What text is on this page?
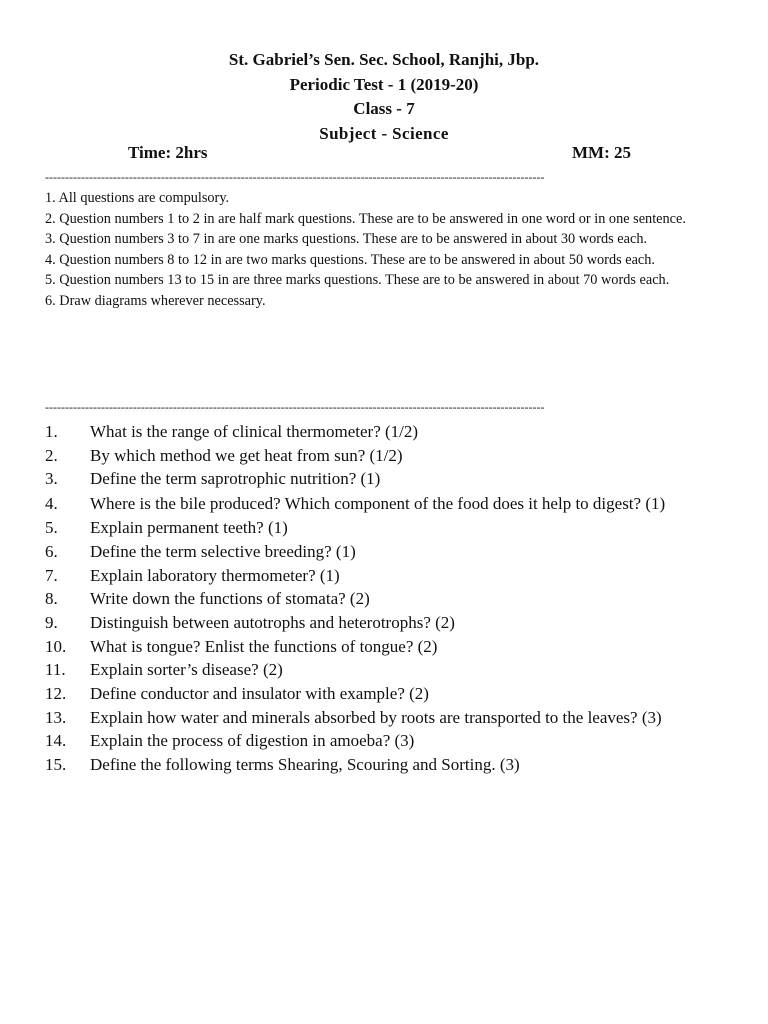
St. Gabriel’s Sen. Sec. School, Ranjhi, Jbp.
Periodic Test - 1 (2019-20)
Class - 7
Subject - Science
Time: 2hrs	MM: 25
-----------------------------------------------------------------------------------------------------------------------------
1. All questions are compulsory.
2. Question numbers 1 to 2 in are half mark questions. These are to be answered in one word or in one sentence.
3. Question numbers 3 to 7 in are one marks questions. These are to be answered in about 30 words each.
4. Question numbers 8 to 12 in are two marks questions. These are to be answered in about 50 words each.
5. Question numbers 13 to 15 in are three marks questions. These are to be answered in about 70 words each.
6. Draw diagrams wherever necessary.
-----------------------------------------------------------------------------------------------------------------------------
1. What is the range of clinical thermometer? (1/2)
2. By which method we get heat from sun? (1/2)
3. Define the term saprotrophic nutrition? (1)
4. Where is the bile produced? Which component of the food does it help to digest? (1)
5. Explain permanent teeth? (1)
6. Define the term selective breeding? (1)
7. Explain laboratory thermometer? (1)
8. Write down the functions of stomata? (2)
9. Distinguish between autotrophs and heterotrophs? (2)
10. What is tongue? Enlist the functions of tongue? (2)
11. Explain sorter’s disease? (2)
12. Define conductor and insulator with example? (2)
13. Explain how water and minerals absorbed by roots are transported to the leaves? (3)
14. Explain the process of digestion in amoeba? (3)
15. Define the following terms Shearing, Scouring and Sorting. (3)
